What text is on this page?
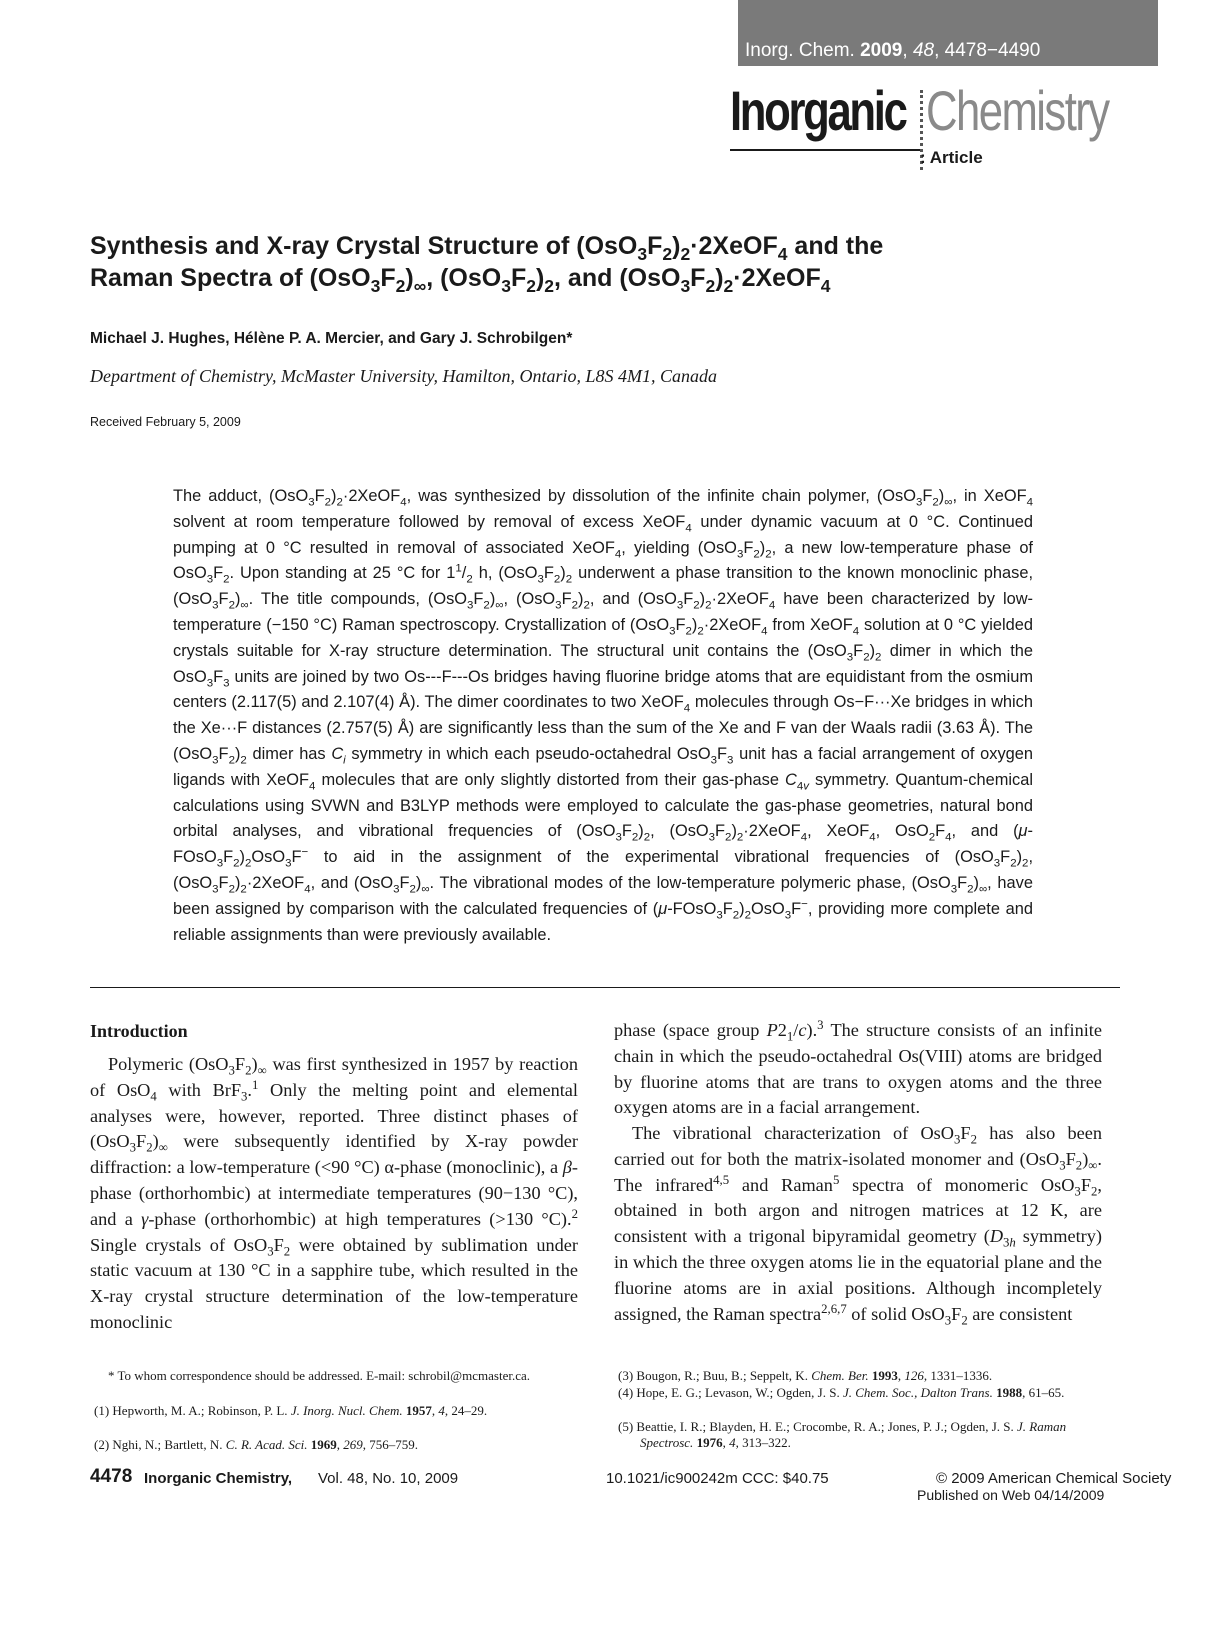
Inorg. Chem. 2009, 48, 4478−4490
Inorganic Chemistry
: Article
Synthesis and X-ray Crystal Structure of $(OsO_3F_2)_2\cdot 2XeOF_4$ and the Raman Spectra of $(OsO_3F_2)_\infty$, $(OsO_3F_2)_2$, and $(OsO_3F_2)_2\cdot 2XeOF_4$
Michael J. Hughes, Hélène P. A. Mercier, and Gary J. Schrobilgen*
Department of Chemistry, McMaster University, Hamilton, Ontario, L8S 4M1, Canada
Received February 5, 2009

The adduct, $(OsO_3F_2)_2\cdot 2XeOF_4$, was synthesized by dissolution of the infinite chain polymer, $(OsO_3F_2)_\infty$, in XeOF$_4$ solvent at room temperature followed by removal of excess XeOF$_4$ under dynamic vacuum at 0 °C. Continued pumping at 0 °C resulted in removal of associated XeOF$_4$, yielding $(OsO_3F_2)_2$, a new low-temperature phase of $OsO_3F_2$. Upon standing at 25 °C for $1^1/_2$ h, $(OsO_3F_2)_2$ underwent a phase transition to the known monoclinic phase, $(OsO_3F_2)_\infty$. The title compounds, $(OsO_3F_2)_\infty$, $(OsO_3F_2)_2$, and $(OsO_3F_2)_2\cdot 2XeOF_4$ have been characterized by low-temperature (−150 °C) Raman spectroscopy. Crystallization of $(OsO_3F_2)_2\cdot 2XeOF_4$ from XeOF$_4$ solution at 0 °C yielded crystals suitable for X-ray structure determination. The structural unit contains the $(OsO_3F_2)_2$ dimer in which the $OsO_3F_3$ units are joined by two Os---F---Os bridges having fluorine bridge atoms that are equidistant from the osmium centers (2.117(5) and 2.107(4) Å). The dimer coordinates to two XeOF$_4$ molecules through Os−F···Xe bridges in which the Xe···F distances (2.757(5) Å) are significantly less than the sum of the Xe and F van der Waals radii (3.63 Å). The $(OsO_3F_2)_2$ dimer has $C_i$ symmetry in which each pseudo-octahedral $OsO_3F_3$ unit has a facial arrangement of oxygen ligands with XeOF$_4$ molecules that are only slightly distorted from their gas-phase $C_{4v}$ symmetry. Quantum-chemical calculations using SVWN and B3LYP methods were employed to calculate the gas-phase geometries, natural bond orbital analyses, and vibrational frequencies of $(OsO_3F_2)_2$, $(OsO_3F_2)_2\cdot 2XeOF_4$, XeOF$_4$, $OsO_2F_4$, and $(\mu-FOsO_3F_2)_2OsO_3F^-$ to aid in the assignment of the experimental vibrational frequencies of $(OsO_3F_2)_2$, $(OsO_3F_2)_2\cdot 2XeOF_4$, and $(OsO_3F_2)_\infty$. The vibrational modes of the low-temperature polymeric phase, $(OsO_3F_2)_\infty$, have been assigned by comparison with the calculated frequencies of $(\mu-FOsO_3F_2)_2OsO_3F^-$, providing more complete and reliable assignments than were previously available.

Introduction

Polymeric $(OsO_3F_2)_\infty$ was first synthesized in 1957 by reaction of OsO$_4$ with BrF$_3$.$^1$ Only the melting point and elemental analyses were, however, reported. Three distinct phases of $(OsO_3F_2)_\infty$ were subsequently identified by X-ray powder diffraction: a low-temperature (<90 °C) α-phase (monoclinic), a β-phase (orthorhombic) at intermediate temperatures (90−130 °C), and a γ-phase (orthorhombic) at high temperatures (>130 °C).$^2$ Single crystals of $OsO_3F_2$ were obtained by sublimation under static vacuum at 130 °C in a sapphire tube, which resulted in the X-ray crystal structure determination of the low-temperature monoclinic

phase (space group $P2_1/c).^3$ The structure consists of an infinite chain in which the pseudo-octahedral Os(VIII) atoms are bridged by fluorine atoms that are trans to oxygen atoms and the three oxygen atoms are in a facial arrangement.

The vibrational characterization of $OsO_3F_2$ has also been carried out for both the matrix-isolated monomer and $(OsO_3F_2)_\infty$. The infrared$^{4,5}$ and Raman$^5$ spectra of monomeric $OsO_3F_2$, obtained in both argon and nitrogen matrices at 12 K, are consistent with a trigonal bipyramidal geometry ($D_{3h}$ symmetry) in which the three oxygen atoms lie in the equatorial plane and the fluorine atoms are in axial positions. Although incompletely assigned, the Raman spectra$^{2,6,7}$ of solid $OsO_3F_2$ are consistent

* To whom correspondence should be addressed. E-mail: schrobil@mcmaster.ca.

(1) Hepworth, M. A.; Robinson, P. L. J. Inorg. Nucl. Chem. 1957, 4, 24–29.

(2) Nghi, N.; Bartlett, N. C. R. Acad. Sci. 1969, 269, 756–759.

(3) Bougon, R.; Buu, B.; Seppelt, K. Chem. Ber. 1993, 126, 1331–1336.

(4) Hope, E. G.; Levason, W.; Ogden, J. S. J. Chem. Soc., Dalton Trans. 1988, 61–65.

(5) Beattie, I. R.; Blayden, H. E.; Crocombe, R. A.; Jones, P. J.; Ogden, J. S. J. Raman Spectrosc. 1976, 4, 313–322.

4478 Inorganic Chemistry, Vol. 48, No. 10, 2009	10.1021/ic900242m CCC: $40.75	© 2009 American Chemical Society
Published on Web 04/14/2009
